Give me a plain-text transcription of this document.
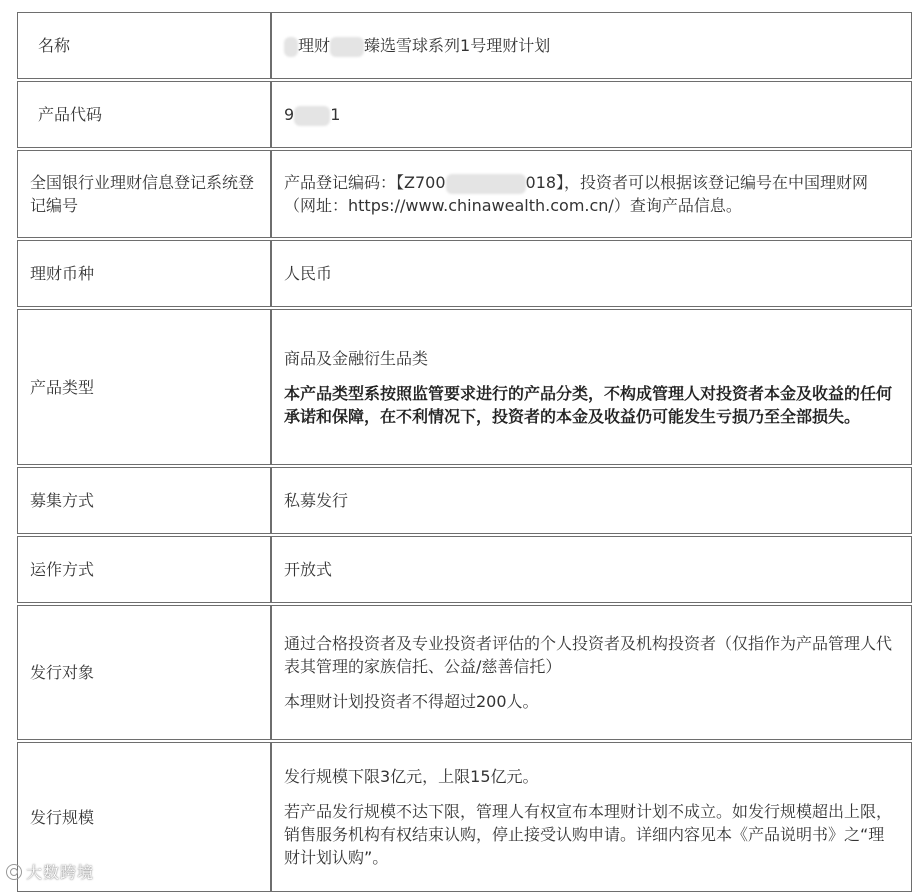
名称	理财 臻选雪球系列1号理财计划
产品代码	9 1
全国银行业理财信息登记系统登记编号	产品登记编码：【Z700 018】，投资者可以根据该登记编号在中国理财网（网址：https://www.chinawealth.com.cn/）查询产品信息。
理财币种	人民币
产品类型	商品及金融衍生品类

本产品类型系按照监管要求进行的产品分类，不构成管理人对投资者本金及收益的任何承诺和保障，在不利情况下，投资者的本金及收益仍可能发生亏损乃至全部损失。

募集方式	私募发行
运作方式	开放式
发行对象	通过合格投资者及专业投资者评估的个人投资者及机构投资者（仅指作为产品管理人代表其管理的家族信托、公益/慈善信托）

本理财计划投资者不得超过200人。

发行规模	发行规模下限3亿元，上限15亿元。

若产品发行规模不达下限，管理人有权宣布本理财计划不成立。如发行规模超出上限，销售服务机构有权结束认购，停止接受认购申请。详细内容见本《产品说明书》之“理财计划认购”。

大数跨境
